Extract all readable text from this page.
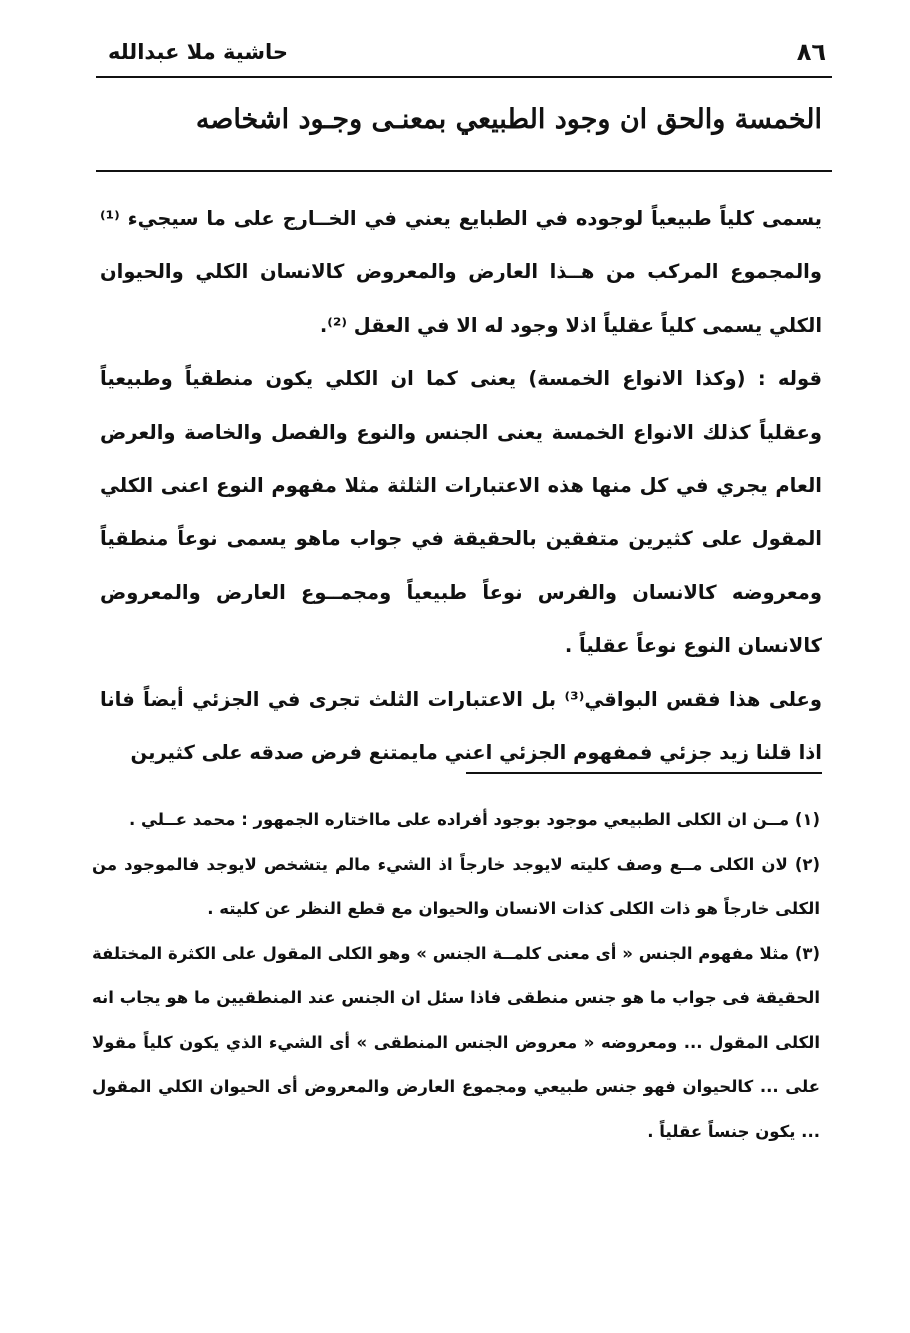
حاشية ملا عبدالله	٨٦
الخمسة والحق ان وجود الطبيعي بمعنـى وجـود اشخاصه

يسمى كلياً طبيعياً لوجوده في الطبايع يعني في الخــارج على ما سيجيء ⁽¹⁾ والمجموع المركب من هــذا العارض والمعروض كالانسان الكلي والحيوان الكلي يسمى كلياً عقلياً اذلا وجود له الا في العقل ⁽²⁾.

قوله : (وكذا الانواع الخمسة) يعنى كما ان الكلي يكون منطقياً وطبيعياً وعقلياً كذلك الانواع الخمسة يعنى الجنس والنوع والفصل والخاصة والعرض العام يجري في كل منها هذه الاعتبارات الثلثة مثلا مفهوم النوع اعنى الكلي المقول على كثيرين متفقين بالحقيقة في جواب ماهو يسمى نوعاً منطقياً ومعروضه كالانسان والفرس نوعاً طبيعياً ومجمــوع العارض والمعروض كالانسان النوع نوعاً عقلياً .

وعلى هذا فقس البواقي⁽³⁾ بل الاعتبارات الثلث تجرى في الجزئي أيضاً فانا اذا قلنا زيد جزئي فمفهوم الجزئي اعني مايمتنع فرض صدقه على كثيرين

(١) مــن ان الكلى الطبيعي موجود بوجود أفراده على مااختاره الجمهور : محمد عــلي .

(٢) لان الكلى مــع وصف كليته لايوجد خارجاً اذ الشيء مالم يتشخص لايوجد فالموجود من الكلى خارجاً هو ذات الكلى كذات الانسان والحيوان مع قطع النظر عن كليته .

(٣) مثلا مفهوم الجنس « أى معنى كلمــة الجنس » وهو الكلى المقول على الكثرة المختلفة الحقيقة فى جواب ما هو جنس منطقى فاذا سئل ان الجنس عند المنطقيين ما هو يجاب انه الكلى المقول ... ومعروضه « معروض الجنس المنطقى » أى الشيء الذي يكون كلياً مقولا على ... كالحيوان فهو جنس طبيعي ومجموع العارض والمعروض أى الحيوان الكلي المقول ... يكون جنساً عقلياً .
